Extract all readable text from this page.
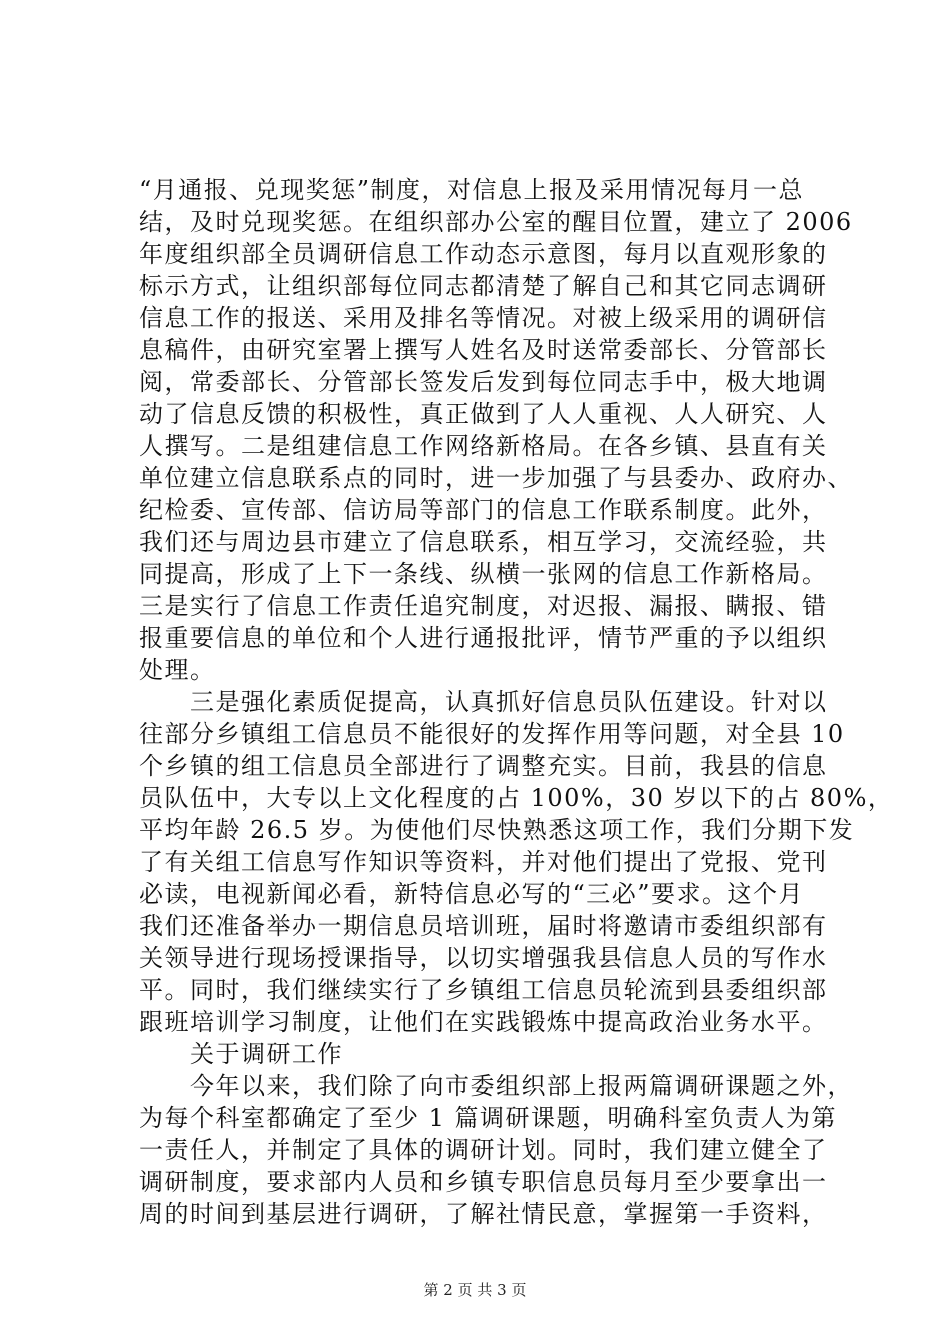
“月通报、兑现奖惩”制度，对信息上报及采用情况每月一总
结，及时兑现奖惩。在组织部办公室的醒目位置，建立了 2006
年度组织部全员调研信息工作动态示意图，每月以直观形象的
标示方式，让组织部每位同志都清楚了解自己和其它同志调研
信息工作的报送、采用及排名等情况。对被上级采用的调研信
息稿件，由研究室署上撰写人姓名及时送常委部长、分管部长
阅，常委部长、分管部长签发后发到每位同志手中，极大地调
动了信息反馈的积极性，真正做到了人人重视、人人研究、人
人撰写。二是组建信息工作网络新格局。在各乡镇、县直有关
单位建立信息联系点的同时，进一步加强了与县委办、政府办、
纪检委、宣传部、信访局等部门的信息工作联系制度。此外，
我们还与周边县市建立了信息联系，相互学习，交流经验，共
同提高，形成了上下一条线、纵横一张网的信息工作新格局。
三是实行了信息工作责任追究制度，对迟报、漏报、瞒报、错
报重要信息的单位和个人进行通报批评，情节严重的予以组织
处理。
　　三是强化素质促提高，认真抓好信息员队伍建设。针对以
往部分乡镇组工信息员不能很好的发挥作用等问题，对全县 10
个乡镇的组工信息员全部进行了调整充实。目前，我县的信息
员队伍中，大专以上文化程度的占 100%，30 岁以下的占 80%，
平均年龄 26.5 岁。为使他们尽快熟悉这项工作，我们分期下发
了有关组工信息写作知识等资料，并对他们提出了党报、党刊
必读，电视新闻必看，新特信息必写的“三必”要求。这个月
我们还准备举办一期信息员培训班，届时将邀请市委组织部有
关领导进行现场授课指导，以切实增强我县信息人员的写作水
平。同时，我们继续实行了乡镇组工信息员轮流到县委组织部
跟班培训学习制度，让他们在实践锻炼中提高政治业务水平。
　　关于调研工作
　　今年以来，我们除了向市委组织部上报两篇调研课题之外，
为每个科室都确定了至少 1 篇调研课题，明确科室负责人为第
一责任人，并制定了具体的调研计划。同时，我们建立健全了
调研制度，要求部内人员和乡镇专职信息员每月至少要拿出一
周的时间到基层进行调研，了解社情民意，掌握第一手资料，
第 2 页 共 3 页
